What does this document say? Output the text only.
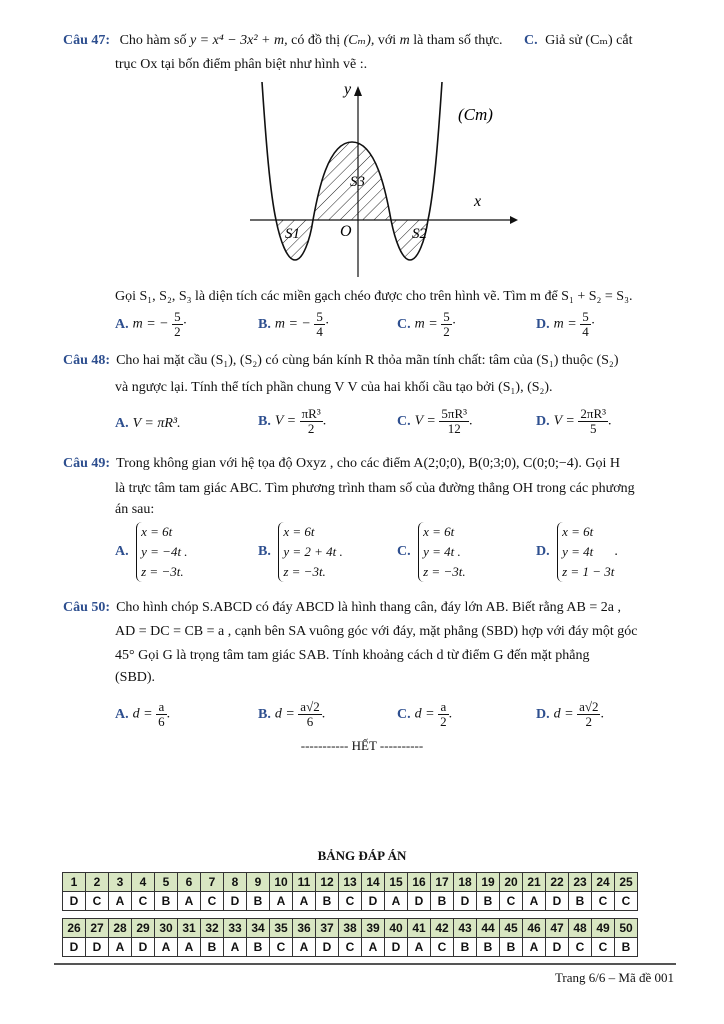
Câu 47: Cho hàm số y = x⁴ − 3x² + m, có đồ thị (Cₘ), với m là tham số thực. C. Giả sử (Cₘ) cắt
trục Ox tại bốn điểm phân biệt như hình vẽ :.
y
x
O
(Cm)
S1	S2
S3
Gọi S₁, S₂, S₃ là diện tích các miền gạch chéo được cho trên hình vẽ. Tìm m để S₁ + S₂ = S₃.
A. m = − $\frac{5}{2}$ ·	B. m = − $\frac{5}{4}$ ·	C. $m = \frac{5}{2}$ ·	D. $m = \frac{5}{4}$ ·
Câu 48: Cho hai mặt cầu (S₁), (S₂) có cùng bán kính R thỏa mãn tính chất: tâm của (S₁) thuộc (S₂)
và ngược lại. Tính thể tích phần chung V V của hai khối cầu tạo bởi (S₁), (S₂).
A. V = πR³.	B. $V = \frac{\text{πR³}}{2}$ .	C. $V = \frac{\text{5πR³}}{12}$ .	D. $V = \frac{\text{2πR³}}{5}$ .
Câu 49: Trong không gian với hệ tọa độ Oxyz , cho các điểm A(2;0;0), B(0;3;0), C(0;0;−4). Gọi H
là trực tâm tam giác ABC. Tìm phương trình tham số của đường thẳng OH trong các phương
án sau:
A. x = 6t
y = −4t .
z = −3t.
B. x = 6t
y = 2 + 4t .
z = −3t.
C. x = 6t
y = 4t .
z = −3t.
D. x = 6t
y = 4t
z = 1 − 3t.
Câu 50: Cho hình chóp S.ABCD có đáy ABCD là hình thang cân, đáy lớn AB. Biết rằng AB = 2a ,
AD = DC = CB = a , cạnh bên SA vuông góc với đáy, mặt phẳng (SBD) hợp với đáy một góc
45° Gọi G là trọng tâm tam giác SAB. Tính khoảng cách d từ điểm G đến mặt phẳng
(SBD).
A. $d = \frac{a}{6}$ .	B. $d = \frac{a√2}{6}$ .	C. $d = \frac{a}{2}$ .	D. $d = \frac{a√2}{2}$ .
----------- HẾT ----------
BẢNG ĐÁP ÁN
1	2	3	4	5	6	7	8	9	10	11	12	13	14	15	16	17	18	19	20	21	22	23	24	25
D	C	A	C	B	A	C	D	B	A	A	B	C	D	A	D	B	D	B	C	A	D	B	C	C
26	27	28	29	30	31	32	33	34	35	36	37	38	39	40	41	42	43	44	45	46	47	48	49	50
D	D	A	D	A	A	B	A	B	C	A	D	C	A	D	A	C	B	B	B	A	D	C	C	B
Trang 6/6 – Mã đề 001
